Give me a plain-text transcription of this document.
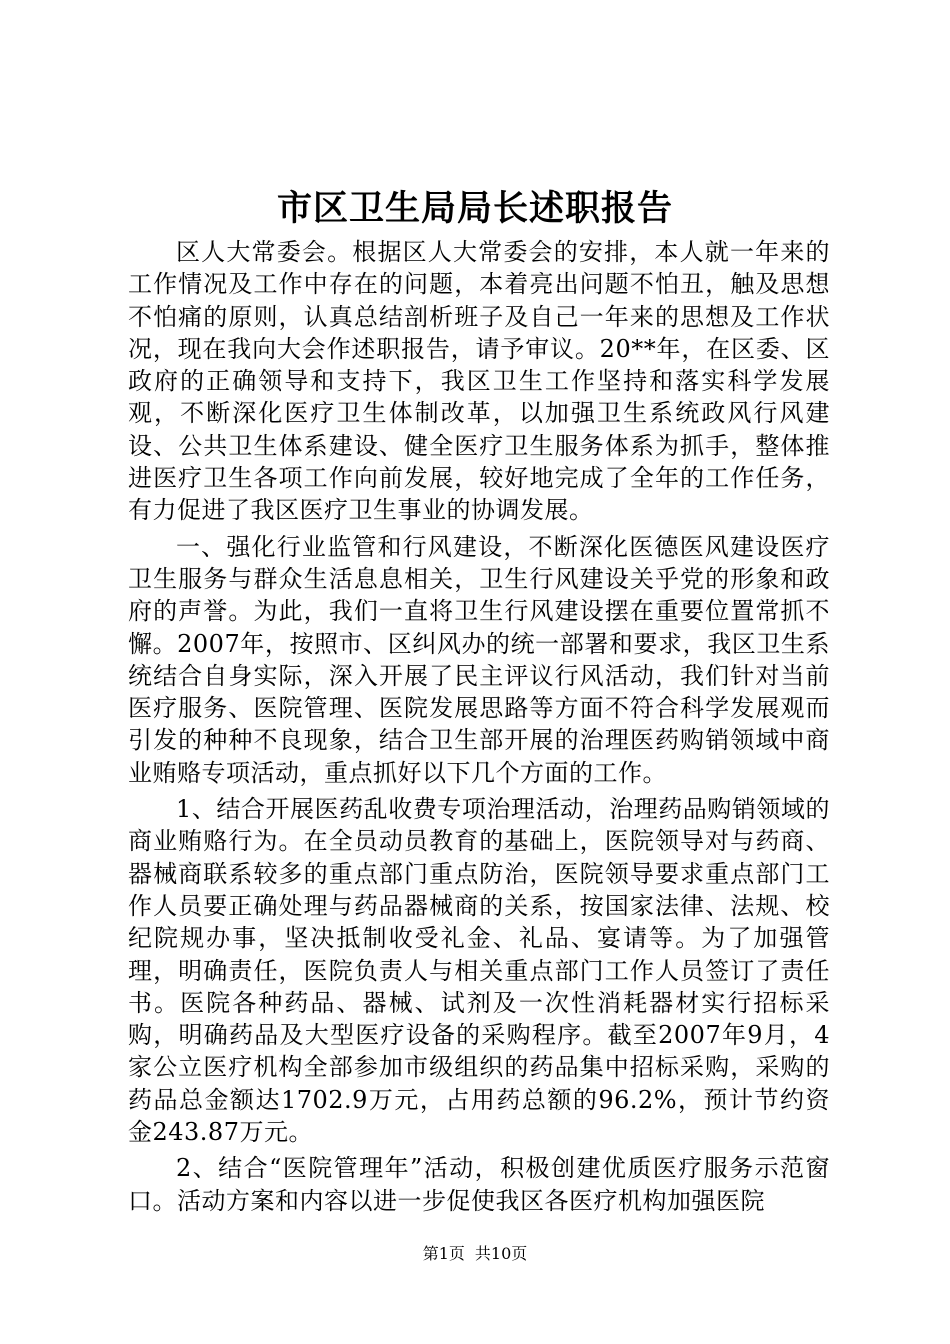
市区卫生局局长述职报告

区人大常委会。根据区人大常委会的安排，本人就一年来的工作情况及工作中存在的问题，本着亮出问题不怕丑，触及思想不怕痛的原则，认真总结剖析班子及自己一年来的思想及工作状况，现在我向大会作述职报告，请予审议。20**年，在区委、区政府的正确领导和支持下，我区卫生工作坚持和落实科学发展观，不断深化医疗卫生体制改革，以加强卫生系统政风行风建设、公共卫生体系建设、健全医疗卫生服务体系为抓手，整体推进医疗卫生各项工作向前发展，较好地完成了全年的工作任务，有力促进了我区医疗卫生事业的协调发展。

一、强化行业监管和行风建设，不断深化医德医风建设医疗卫生服务与群众生活息息相关，卫生行风建设关乎党的形象和政府的声誉。为此，我们一直将卫生行风建设摆在重要位置常抓不懈。2007年，按照市、区纠风办的统一部署和要求，我区卫生系统结合自身实际，深入开展了民主评议行风活动，我们针对当前医疗服务、医院管理、医院发展思路等方面不符合科学发展观而引发的种种不良现象，结合卫生部开展的治理医药购销领域中商业贿赂专项活动，重点抓好以下几个方面的工作。

1、结合开展医药乱收费专项治理活动，治理药品购销领域的商业贿赂行为。在全员动员教育的基础上，医院领导对与药商、器械商联系较多的重点部门重点防治，医院领导要求重点部门工作人员要正确处理与药品器械商的关系，按国家法律、法规、校纪院规办事，坚决抵制收受礼金、礼品、宴请等。为了加强管理，明确责任，医院负责人与相关重点部门工作人员签订了责任书。医院各种药品、器械、试剂及一次性消耗器材实行招标采购，明确药品及大型医疗设备的采购程序。截至2007年9月，4家公立医疗机构全部参加市级组织的药品集中招标采购，采购的药品总金额达1702.9万元，占用药总额的96.2%，预计节约资金243.87万元。

2、结合“医院管理年”活动，积极创建优质医疗服务示范窗口。活动方案和内容以进一步促使我区各医疗机构加强医院

第1页 共10页
